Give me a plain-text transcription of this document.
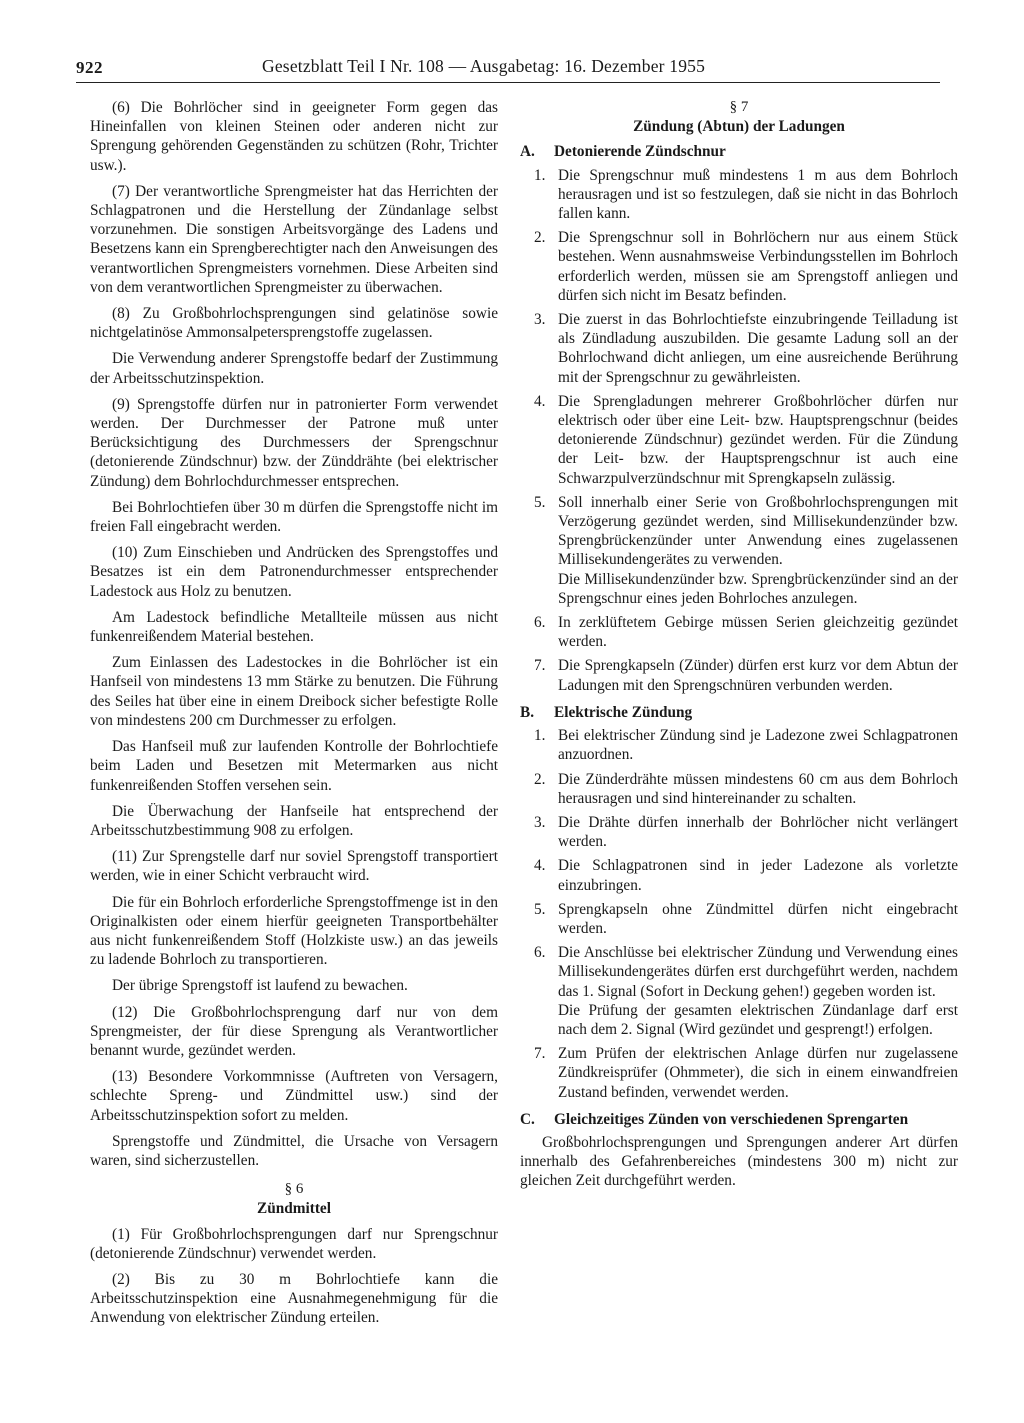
922	Gesetzblatt Teil I Nr. 108 — Ausgabetag: 16. Dezember 1955

(6) Die Bohrlöcher sind in geeigneter Form gegen das Hineinfallen von kleinen Steinen oder anderen nicht zur Sprengung gehörenden Gegenständen zu schützen (Rohr, Trichter usw.).

(7) Der verantwortliche Sprengmeister hat das Herrichten der Schlagpatronen und die Herstellung der Zündanlage selbst vorzunehmen. Die sonstigen Arbeitsvorgänge des Ladens und Besetzens kann ein Sprengberechtigter nach den Anweisungen des verantwortlichen Sprengmeisters vornehmen. Diese Arbeiten sind von dem verantwortlichen Sprengmeister zu überwachen.

(8) Zu Großbohrlochsprengungen sind gelatinöse sowie nichtgelatinöse Ammonsalpetersprengstoffe zugelassen.

Die Verwendung anderer Sprengstoffe bedarf der Zustimmung der Arbeitsschutzinspektion.

(9) Sprengstoffe dürfen nur in patronierter Form verwendet werden. Der Durchmesser der Patrone muß unter Berücksichtigung des Durchmessers der Sprengschnur (detonierende Zündschnur) bzw. der Zünddrähte (bei elektrischer Zündung) dem Bohrlochdurchmesser entsprechen.

Bei Bohrlochtiefen über 30 m dürfen die Sprengstoffe nicht im freien Fall eingebracht werden.

(10) Zum Einschieben und Andrücken des Sprengstoffes und Besatzes ist ein dem Patronendurchmesser entsprechender Ladestock aus Holz zu benutzen.

Am Ladestock befindliche Metallteile müssen aus nicht funkenreißendem Material bestehen.

Zum Einlassen des Ladestockes in die Bohrlöcher ist ein Hanfseil von mindestens 13 mm Stärke zu benutzen. Die Führung des Seiles hat über eine in einem Dreibock sicher befestigte Rolle von mindestens 200 cm Durchmesser zu erfolgen.

Das Hanfseil muß zur laufenden Kontrolle der Bohrlochtiefe beim Laden und Besetzen mit Metermarken aus nicht funkenreißenden Stoffen versehen sein.

Die Überwachung der Hanfseile hat entsprechend der Arbeitsschutzbestimmung 908 zu erfolgen.

(11) Zur Sprengstelle darf nur soviel Sprengstoff transportiert werden, wie in einer Schicht verbraucht wird.

Die für ein Bohrloch erforderliche Sprengstoffmenge ist in den Originalkisten oder einem hierfür geeigneten Transportbehälter aus nicht funkenreißendem Stoff (Holzkiste usw.) an das jeweils zu ladende Bohrloch zu transportieren.

Der übrige Sprengstoff ist laufend zu bewachen.

(12) Die Großbohrlochsprengung darf nur von dem Sprengmeister, der für diese Sprengung als Verantwortlicher benannt wurde, gezündet werden.

(13) Besondere Vorkommnisse (Auftreten von Versagern, schlechte Spreng- und Zündmittel usw.) sind der Arbeitsschutzinspektion sofort zu melden.

Sprengstoffe und Zündmittel, die Ursache von Versagern waren, sind sicherzustellen.

§ 6
Zündmittel

(1) Für Großbohrlochsprengungen darf nur Sprengschnur (detonierende Zündschnur) verwendet werden.

(2) Bis zu 30 m Bohrlochtiefe kann die Arbeitsschutzinspektion eine Ausnahmegenehmigung für die Anwendung von elektrischer Zündung erteilen.

§ 7
Zündung (Abtun) der Ladungen
A.	Detonierende Zündschnur
1. Die Sprengschnur muß mindestens 1 m aus dem Bohrloch herausragen und ist so festzulegen, daß sie nicht in das Bohrloch fallen kann.
2. Die Sprengschnur soll in Bohrlöchern nur aus einem Stück bestehen. Wenn ausnahmsweise Verbindungsstellen im Bohrloch erforderlich werden, müssen sie am Sprengstoff anliegen und dürfen sich nicht im Besatz befinden.
3. Die zuerst in das Bohrlochtiefste einzubringende Teilladung ist als Zündladung auszubilden. Die gesamte Ladung soll an der Bohrlochwand dicht anliegen, um eine ausreichende Berührung mit der Sprengschnur zu gewährleisten.
4. Die Sprengladungen mehrerer Großbohrlöcher dürfen nur elektrisch oder über eine Leit- bzw. Hauptsprengschnur (beides detonierende Zündschnur) gezündet werden. Für die Zündung der Leit- bzw. der Hauptsprengschnur ist auch eine Schwarzpulverzündschnur mit Sprengkapseln zulässig.
5. Soll innerhalb einer Serie von Großbohrlochsprengungen mit Verzögerung gezündet werden, sind Millisekundenzünder bzw. Sprengbrückenzünder unter Anwendung eines zugelassenen Millisekundengerätes zu verwenden.
Die Millisekundenzünder bzw. Sprengbrückenzünder sind an der Sprengschnur eines jeden Bohrloches anzulegen.
6. In zerklüftetem Gebirge müssen Serien gleichzeitig gezündet werden.
7. Die Sprengkapseln (Zünder) dürfen erst kurz vor dem Abtun der Ladungen mit den Sprengschnüren verbunden werden.
B.	Elektrische Zündung
1. Bei elektrischer Zündung sind je Ladezone zwei Schlagpatronen anzuordnen.
2. Die Zünderdrähte müssen mindestens 60 cm aus dem Bohrloch herausragen und sind hintereinander zu schalten.
3. Die Drähte dürfen innerhalb der Bohrlöcher nicht verlängert werden.
4. Die Schlagpatronen sind in jeder Ladezone als vorletzte einzubringen.
5. Sprengkapseln ohne Zündmittel dürfen nicht eingebracht werden.
6. Die Anschlüsse bei elektrischer Zündung und Verwendung eines Millisekundengerätes dürfen erst durchgeführt werden, nachdem das 1. Signal (Sofort in Deckung gehen!) gegeben worden ist.
Die Prüfung der gesamten elektrischen Zündanlage darf erst nach dem 2. Signal (Wird gezündet und gesprengt!) erfolgen.
7. Zum Prüfen der elektrischen Anlage dürfen nur zugelassene Zündkreisprüfer (Ohmmeter), die sich in einem einwandfreien Zustand befinden, verwendet werden.
C.	Gleichzeitiges Zünden von verschiedenen Sprengarten

Großbohrlochsprengungen und Sprengungen anderer Art dürfen innerhalb des Gefahrenbereiches (mindestens 300 m) nicht zur gleichen Zeit durchgeführt werden.
